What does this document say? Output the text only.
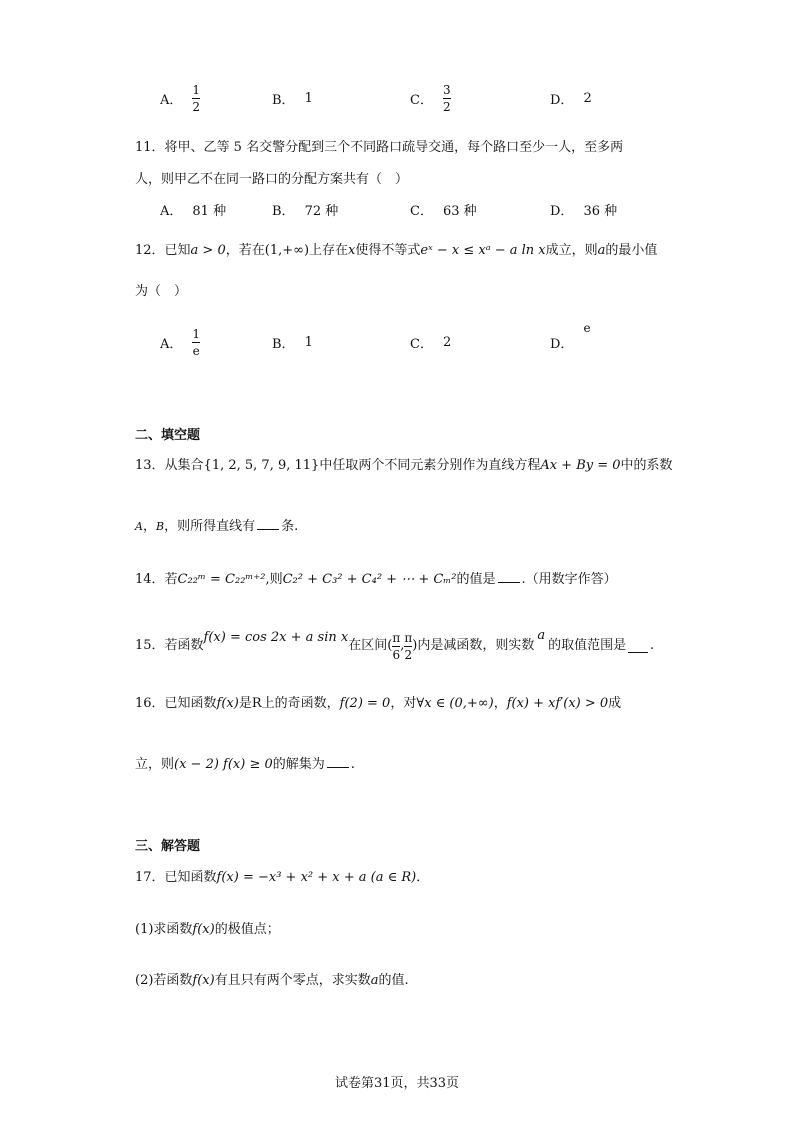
A． $\frac{1}{2}$	B． 1	C． $\frac{3}{2}$	D． 2
11．将甲、乙等 5 名交警分配到三个不同路口疏导交通，每个路口至少一人，至多两
人，则甲乙不在同一路口的分配方案共有（　）
A． 81 种	B． 72 种	C． 63 种	D． 36 种
12．已知a > 0，若在(1,+∞)上存在x使得不等式eˣ − x ≤ xᵃ − a ln x成立，则a的最小值
为（　）
A． $\frac{1}{e}$	B． 1	C． 2	D．
e
二、填空题
13．从集合{1, 2, 5, 7, 9, 11}中任取两个不同元素分别作为直线方程Ax + By = 0中的系数
A，B，则所得直线有 条.
14．若C₂₂ᵐ = C₂₂ᵐ⁺²,则C₂² + C₃² + C₄² + ⋯ + Cₘ²的值是 .（用数字作答）
15．若函数
f(x) = cos 2x + a sin x
在区间 ( $\frac{\pi}{6}$ , $\frac{\pi}{2}$ ) 内是减函数，则实数
a
的取值范围是 .
16．已知函数f(x)是R上的奇函数，f(2) = 0，对∀x ∈ (0,+∞)，f(x) + xf′(x) > 0成
立，则(x − 2) f(x) ≥ 0的解集为 .
三、解答题
17．已知函数f(x) = −x³ + x² + x + a (a ∈ R)．
(1)求函数f(x)的极值点；
(2)若函数f(x)有且只有两个零点，求实数a的值.
试卷第31页，共33页
